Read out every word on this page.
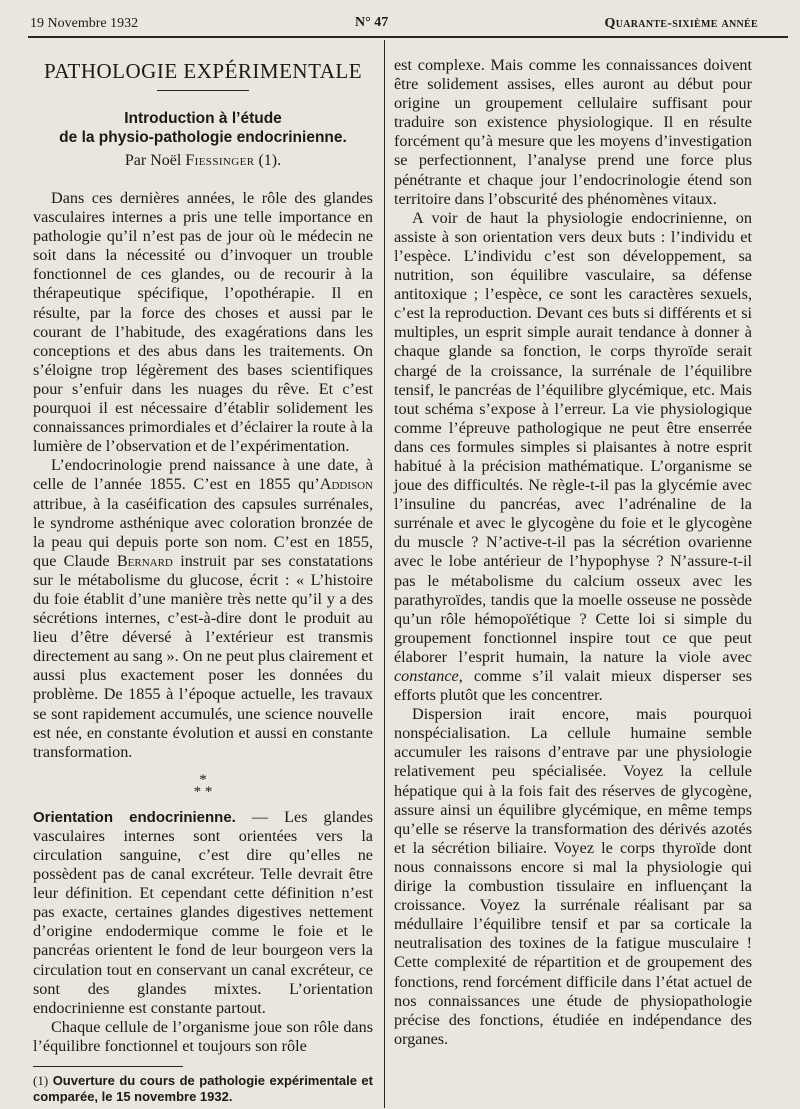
19 Novembre 1932	N° 47	Quarante-sixième année
PATHOLOGIE EXPÉRIMENTALE
Introduction à l’étude
de la physio-pathologie endocrinienne.
Par Noël Fiessinger (1).

Dans ces dernières années, le rôle des glandes vasculaires internes a pris une telle importance en pathologie qu’il n’est pas de jour où le médecin ne soit dans la nécessité ou d’invoquer un trouble fonctionnel de ces glandes, ou de recourir à la thérapeutique spécifique, l’opothérapie. Il en résulte, par la force des choses et aussi par le courant de l’habitude, des exagérations dans les conceptions et des abus dans les traitements. On s’éloigne trop légèrement des bases scientifiques pour s’enfuir dans les nuages du rêve. Et c’est pourquoi il est nécessaire d’établir solidement les connaissances primordiales et d’éclairer la route à la lumière de l’observation et de l’expérimentation.

L’endocrinologie prend naissance à une date, à celle de l’année 1855. C’est en 1855 qu’Addison attribue, à la caséification des capsules surrénales, le syndrome asthénique avec coloration bronzée de la peau qui depuis porte son nom. C’est en 1855, que Claude Bernard instruit par ses constatations sur le métabolisme du glucose, écrit : « L’histoire du foie établit d’une manière très nette qu’il y a des sécrétions internes, c’est-à-dire dont le produit au lieu d’être déversé à l’extérieur est transmis directement au sang ». On ne peut plus clairement et aussi plus exactement poser les données du problème. De 1855 à l’époque actuelle, les travaux se sont rapidement accumulés, une science nouvelle est née, en constante évolution et aussi en constante transformation.

*
* *

Orientation endocrinienne. — Les glandes vasculaires internes sont orientées vers la circulation sanguine, c’est dire qu’elles ne possèdent pas de canal excréteur. Telle devrait être leur définition. Et cependant cette définition n’est pas exacte, certaines glandes digestives nettement d’origine endodermique comme le foie et le pancréas orientent le fond de leur bourgeon vers la circulation tout en conservant un canal excréteur, ce sont des glandes mixtes. L’orientation endocrinienne est constante partout.

Chaque cellule de l’organisme joue son rôle dans l’équilibre fonctionnel et toujours son rôle

(1) Ouverture du cours de pathologie expérimentale et comparée, le 15 novembre 1932.

est complexe. Mais comme les connaissances doivent être solidement assises, elles auront au début pour origine un groupement cellulaire suffisant pour traduire son existence physiologique. Il en résulte forcément qu’à mesure que les moyens d’investigation se perfectionnent, l’analyse prend une force plus pénétrante et chaque jour l’endocrinologie étend son territoire dans l’obscurité des phénomènes vitaux.

A voir de haut la physiologie endocrinienne, on assiste à son orientation vers deux buts : l’individu et l’espèce. L’individu c’est son développement, sa nutrition, son équilibre vasculaire, sa défense antitoxique ; l’espèce, ce sont les caractères sexuels, c’est la reproduction. Devant ces buts si différents et si multiples, un esprit simple aurait tendance à donner à chaque glande sa fonction, le corps thyroïde serait chargé de la croissance, la surrénale de l’équilibre tensif, le pancréas de l’équilibre glycémique, etc. Mais tout schéma s’expose à l’erreur. La vie physiologique comme l’épreuve pathologique ne peut être enserrée dans ces formules simples si plaisantes à notre esprit habitué à la précision mathématique. L’organisme se joue des difficultés. Ne règle-t-il pas la glycémie avec l’insuline du pancréas, avec l’adrénaline de la surrénale et avec le glycogène du foie et le glycogène du muscle ? N’active-t-il pas la sécrétion ovarienne avec le lobe antérieur de l’hypophyse ? N’assure-t-il pas le métabolisme du calcium osseux avec les parathyroïdes, tandis que la moelle osseuse ne possède qu’un rôle hémopoïétique ? Cette loi si simple du groupement fonctionnel inspire tout ce que peut élaborer l’esprit humain, la nature la viole avec constance, comme s’il valait mieux disperser ses efforts plutôt que les concentrer.

Dispersion irait encore, mais pourquoi nonspécialisation. La cellule humaine semble accumuler les raisons d’entrave par une physiologie relativement peu spécialisée. Voyez la cellule hépatique qui à la fois fait des réserves de glycogène, assure ainsi un équilibre glycémique, en même temps qu’elle se réserve la transformation des dérivés azotés et la sécrétion biliaire. Voyez le corps thyroïde dont nous connaissons encore si mal la physiologie qui dirige la combustion tissulaire en influençant la croissance. Voyez la surrénale réalisant par sa médullaire l’équilibre tensif et par sa corticale la neutralisation des toxines de la fatigue musculaire ! Cette complexité de répartition et de groupement des fonctions, rend forcément difficile dans l’état actuel de nos connaissances une étude de physiopathologie précise des fonctions, étudiée en indépendance des organes.
